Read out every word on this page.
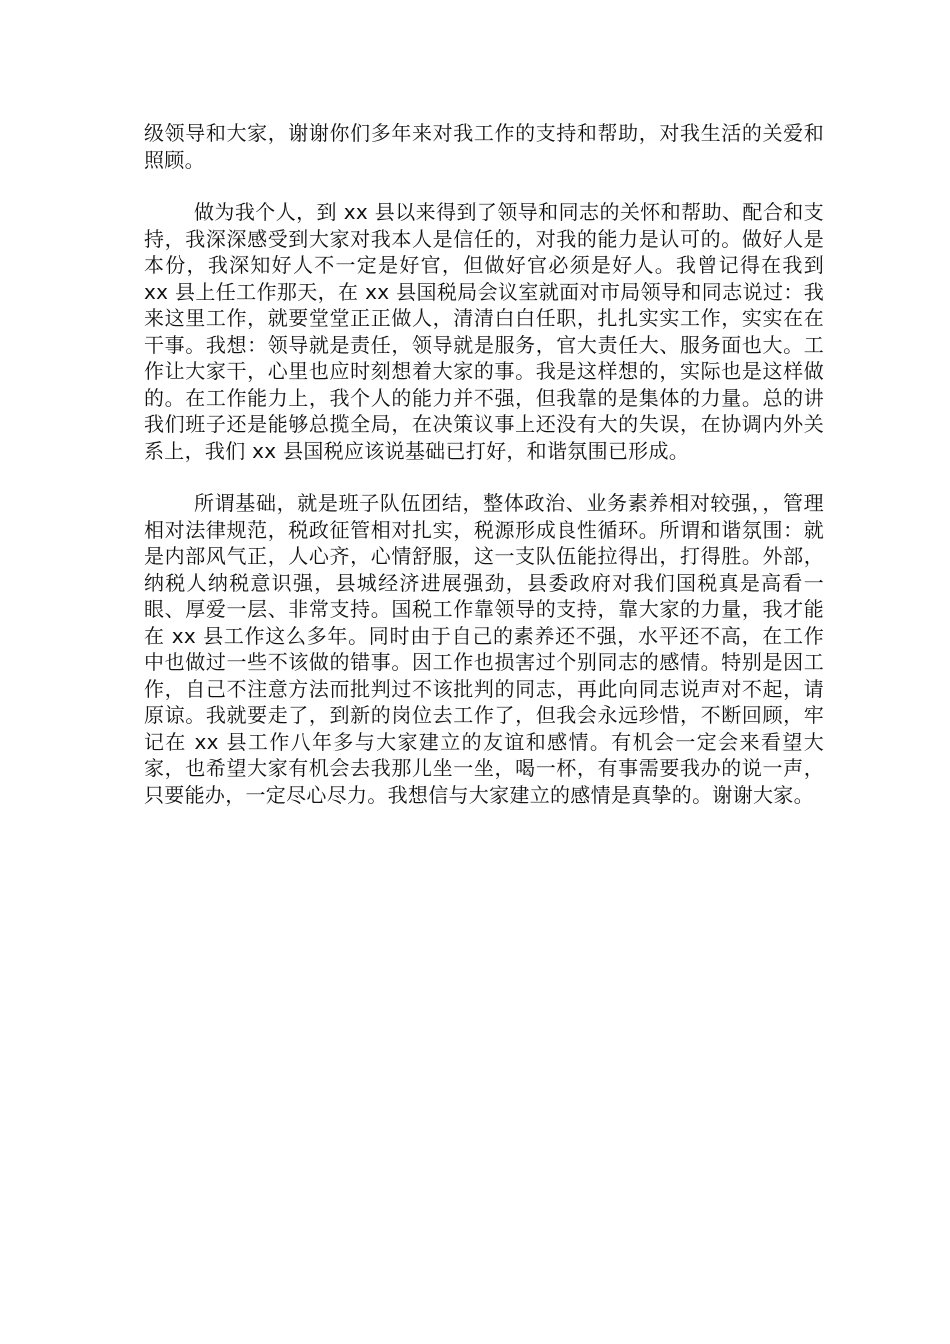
级领导和大家，谢谢你们多年来对我工作的支持和帮助，对我生活的关爱和照顾。

做为我个人，到 xx 县以来得到了领导和同志的关怀和帮助、配合和支持，我深深感受到大家对我本人是信任的，对我的能力是认可的。做好人是本份，我深知好人不一定是好官，但做好官必须是好人。我曾记得在我到 xx 县上任工作那天，在 xx 县国税局会议室就面对市局领导和同志说过：我来这里工作，就要堂堂正正做人，清清白白任职，扎扎实实工作，实实在在干事。我想：领导就是责任，领导就是服务，官大责任大、服务面也大。工作让大家干，心里也应时刻想着大家的事。我是这样想的，实际也是这样做的。在工作能力上，我个人的能力并不强，但我靠的是集体的力量。总的讲我们班子还是能够总揽全局，在决策议事上还没有大的失误，在协调内外关系上，我们 xx 县国税应该说基础已打好，和谐氛围已形成。

所谓基础，就是班子队伍团结，整体政治、业务素养相对较强，，管理相对法律规范，税政征管相对扎实，税源形成良性循环。所谓和谐氛围：就是内部风气正，人心齐，心情舒服，这一支队伍能拉得出，打得胜。外部，纳税人纳税意识强，县城经济进展强劲，县委政府对我们国税真是高看一眼、厚爱一层、非常支持。国税工作靠领导的支持，靠大家的力量，我才能在 xx 县工作这么多年。同时由于自己的素养还不强，水平还不高，在工作中也做过一些不该做的错事。因工作也损害过个别同志的感情。特别是因工作，自己不注意方法而批判过不该批判的同志，再此向同志说声对不起，请原谅。我就要走了，到新的岗位去工作了，但我会永远珍惜，不断回顾，牢记在 xx 县工作八年多与大家建立的友谊和感情。有机会一定会来看望大家，也希望大家有机会去我那儿坐一坐，喝一杯，有事需要我办的说一声，只要能办，一定尽心尽力。我想信与大家建立的感情是真挚的。谢谢大家。
